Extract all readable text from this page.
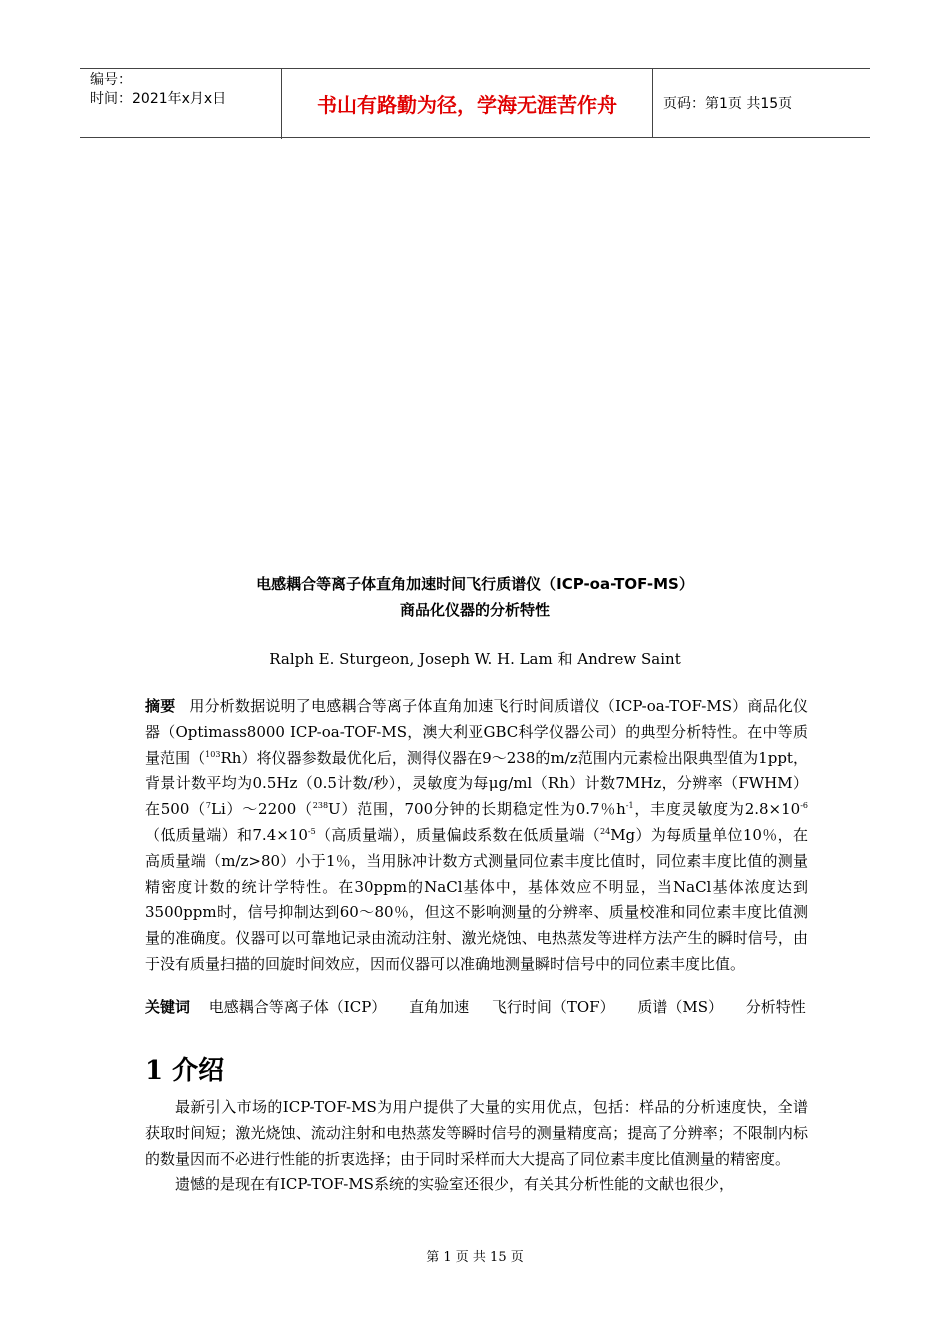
编号：
时间：2021年x月x日	书山有路勤为径，学海无涯苦作舟	页码：第1页 共15页
电感耦合等离子体直角加速时间飞行质谱仪（ICP-oa-TOF-MS）
商品化仪器的分析特性
Ralph E. Sturgeon, Joseph W. H. Lam 和 Andrew Saint
摘要 用分析数据说明了电感耦合等离子体直角加速飞行时间质谱仪（ICP-oa-TOF-MS）商品化仪器（Optimass8000 ICP-oa-TOF-MS，澳大利亚GBC科学仪器公司）的典型分析特性。在中等质量范围（$^{103}$Rh）将仪器参数最优化后，测得仪器在9～238的m/z范围内元素检出限典型值为1ppt，背景计数平均为0.5Hz（0.5计数/秒），灵敏度为每μg/ml（Rh）计数7MHz，分辨率（FWHM）在500（$^7$Li）～2200（$^{238}$U）范围，700分钟的长期稳定性为0.7％$h^{-1}$，丰度灵敏度为$2.8\times 10^{-6}$（低质量端）和$7.4\times 10^{-5}$（高质量端），质量偏歧系数在低质量端（$^{24}$Mg）为每质量单位10％，在高质量端（m/z>80）小于1％，当用脉冲计数方式测量同位素丰度比值时，同位素丰度比值的测量精密度计数的统计学特性。在30ppm的NaCl基体中，基体效应不明显，当NaCl基体浓度达到3500ppm时，信号抑制达到60～80％，但这不影响测量的分辨率、质量校准和同位素丰度比值测量的准确度。仪器可以可靠地记录由流动注射、激光烧蚀、电热蒸发等进样方法产生的瞬时信号，由于没有质量扫描的回旋时间效应，因而仪器可以准确地测量瞬时信号中的同位素丰度比值。
关键词 电感耦合等离子体（ICP） 直角加速 飞行时间（TOF） 质谱（MS） 分析特性
1 介绍

最新引入市场的ICP-TOF-MS为用户提供了大量的实用优点，包括：样品的分析速度快，全谱获取时间短；激光烧蚀、流动注射和电热蒸发等瞬时信号的测量精度高；提高了分辨率；不限制内标的数量因而不必进行性能的折衷选择；由于同时采样而大大提高了同位素丰度比值测量的精密度。

遗憾的是现在有ICP-TOF-MS系统的实验室还很少，有关其分析性能的文献也很少，

第 1 页 共 15 页
